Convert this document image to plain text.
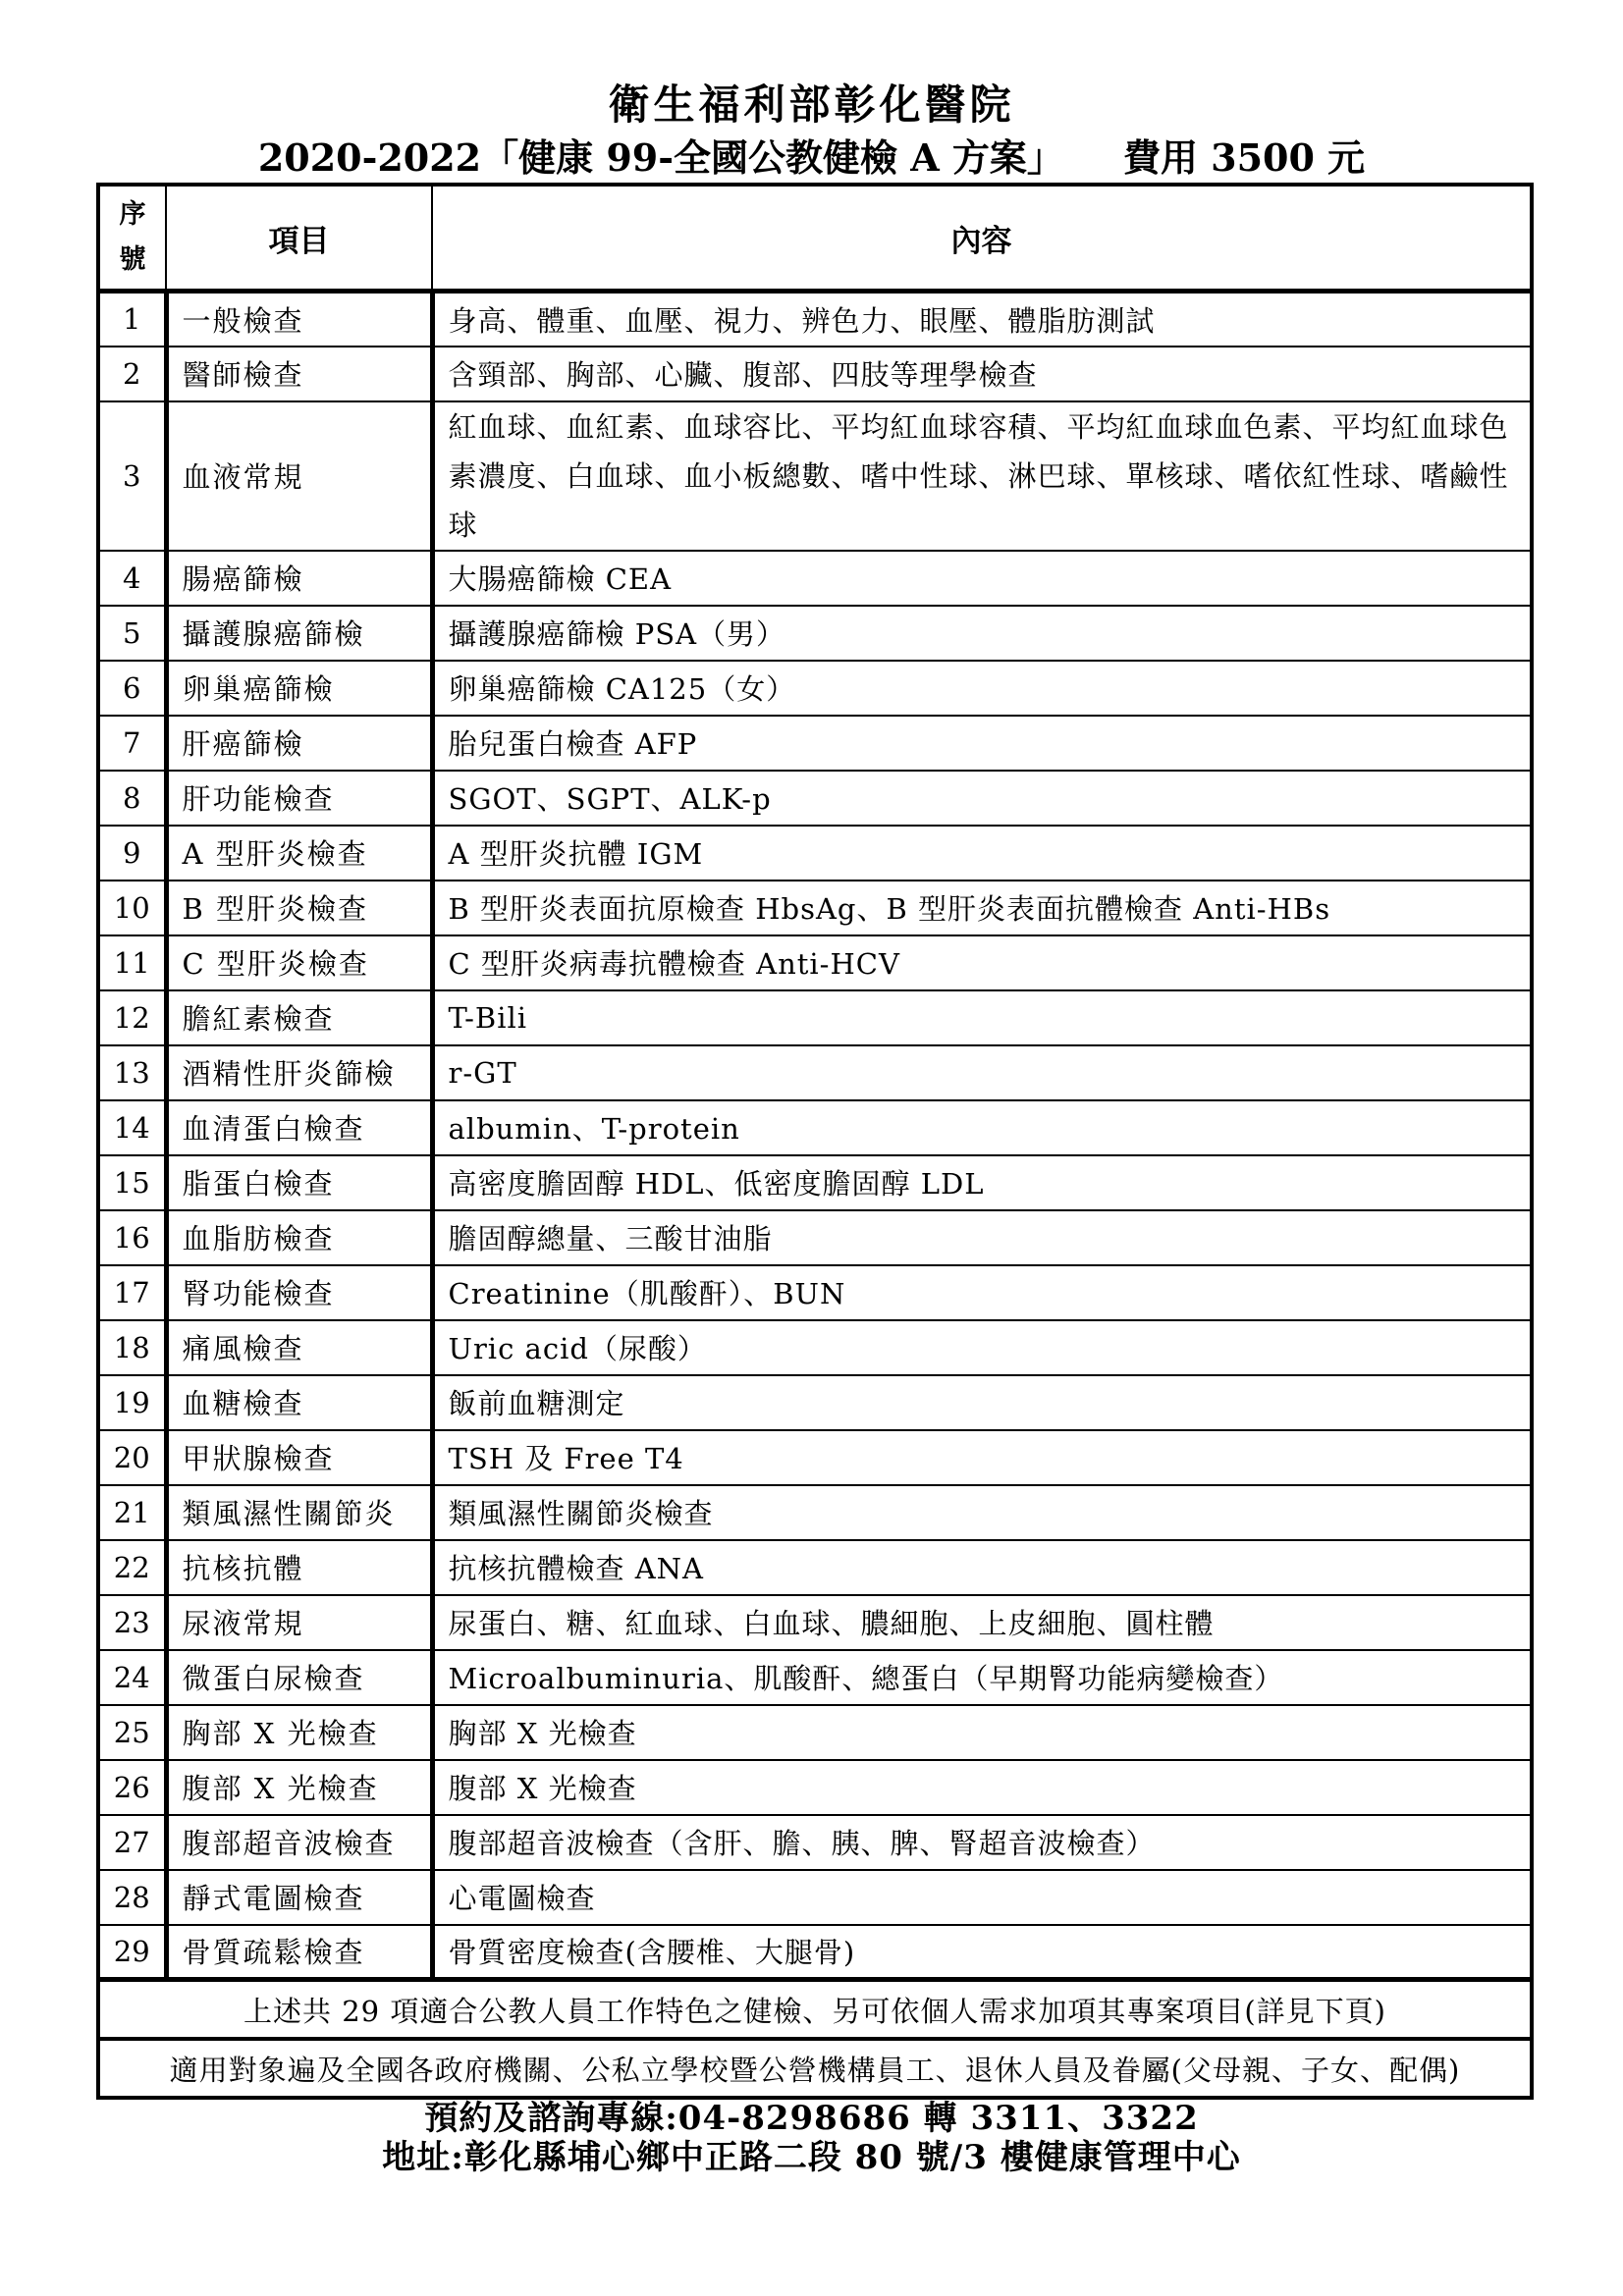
衛生福利部彰化醫院
2020-2022「健康 99-全國公教健檢 A 方案」 費用 3500 元
序
號	項目	內容
1	一般檢查	身高、體重、血壓、視力、辨色力、眼壓、體脂肪測試
2	醫師檢查	含頸部、胸部、心臟、腹部、四肢等理學檢查
3	血液常規	紅血球、血紅素、血球容比、平均紅血球容積、平均紅血球血色素、平均紅血球色素濃度、白血球、血小板總數、嗜中性球、淋巴球、單核球、嗜依紅性球、嗜鹼性球
4	腸癌篩檢	大腸癌篩檢 CEA
5	攝護腺癌篩檢	攝護腺癌篩檢 PSA（男）
6	卵巢癌篩檢	卵巢癌篩檢 CA125（女）
7	肝癌篩檢	胎兒蛋白檢查 AFP
8	肝功能檢查	SGOT、SGPT、ALK-p
9	A 型肝炎檢查	A 型肝炎抗體 IGM
10	B 型肝炎檢查	B 型肝炎表面抗原檢查 HbsAg、B 型肝炎表面抗體檢查 Anti-HBs
11	C 型肝炎檢查	C 型肝炎病毒抗體檢查 Anti-HCV
12	膽紅素檢查	T-Bili
13	酒精性肝炎篩檢	r-GT
14	血清蛋白檢查	albumin、T-protein
15	脂蛋白檢查	高密度膽固醇 HDL、低密度膽固醇 LDL
16	血脂肪檢查	膽固醇總量、三酸甘油脂
17	腎功能檢查	Creatinine（肌酸酐）、BUN
18	痛風檢查	Uric acid（尿酸）
19	血糖檢查	飯前血糖測定
20	甲狀腺檢查	TSH 及 Free T4
21	類風濕性關節炎	類風濕性關節炎檢查
22	抗核抗體	抗核抗體檢查 ANA
23	尿液常規	尿蛋白、糖、紅血球、白血球、膿細胞、上皮細胞、圓柱體
24	微蛋白尿檢查	Microalbuminuria、肌酸酐、總蛋白（早期腎功能病變檢查）
25	胸部 X 光檢查	胸部 X 光檢查
26	腹部 X 光檢查	腹部 X 光檢查
27	腹部超音波檢查	腹部超音波檢查（含肝、膽、胰、脾、腎超音波檢查）
28	靜式電圖檢查	心電圖檢查
29	骨質疏鬆檢查	骨質密度檢查(含腰椎、大腿骨)
上述共 29 項適合公教人員工作特色之健檢、另可依個人需求加項其專案項目(詳見下頁)		
適用對象遍及全國各政府機關、公私立學校暨公營機構員工、退休人員及眷屬(父母親、子女、配偶)		
預約及諮詢專線:04-8298686 轉 3311、3322
地址:彰化縣埔心鄉中正路二段 80 號/3 樓健康管理中心
